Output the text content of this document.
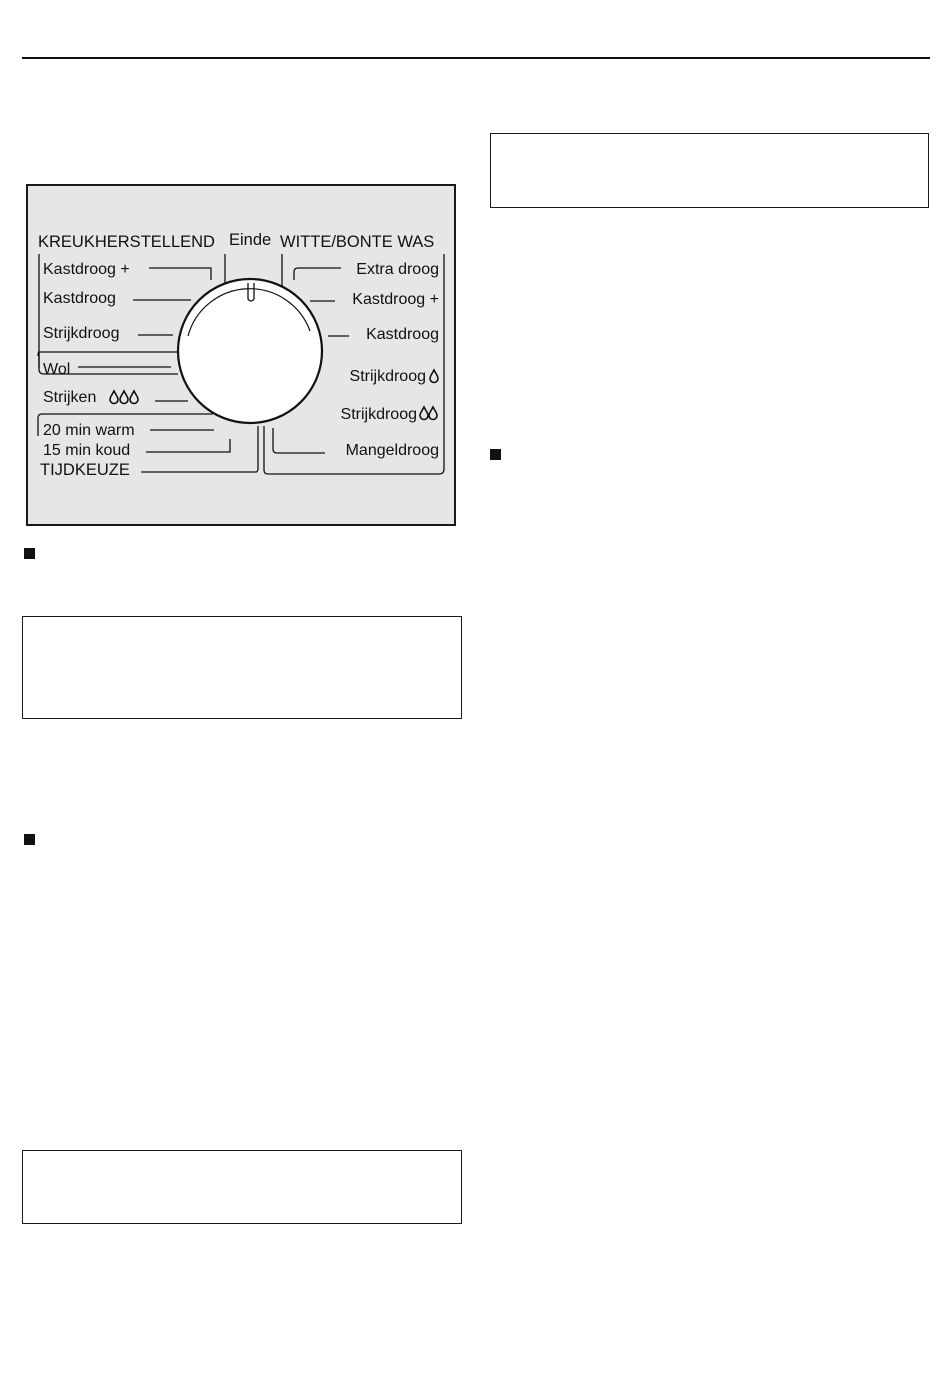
KREUKHERSTELLEND Einde WITTE/BONTE WAS
TIJDKEUZE
Kastdroog +
Kastdroog
Strijkdroog
Wol
Strijken
20 min warm
15 min koud
Extra droog
Kastdroog +
Kastdroog
Strijkdroog
Strijkdroog
Mangeldroog
